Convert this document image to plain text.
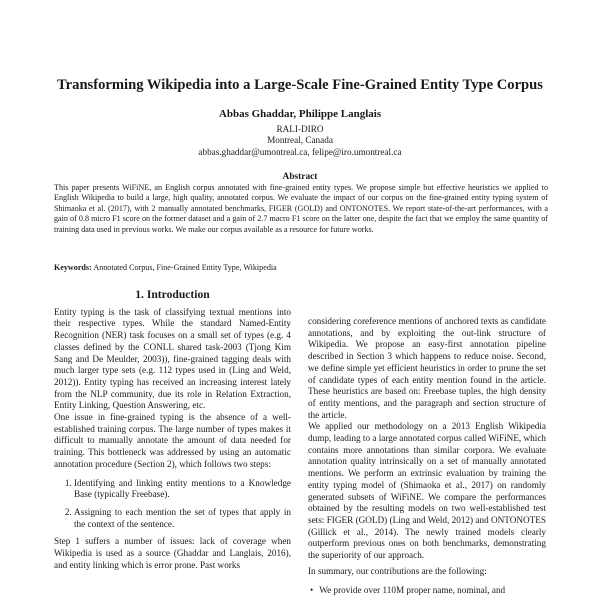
Transforming Wikipedia into a Large-Scale Fine-Grained Entity Type Corpus
Abbas Ghaddar, Philippe Langlais
RALI-DIRO
Montreal, Canada
abbas.ghaddar@umontreal.ca, felipe@iro.umontreal.ca
Abstract

This paper presents WiFiNE, an English corpus annotated with fine-grained entity types. We propose simple but effective heuristics we applied to English Wikipedia to build a large, high quality, annotated corpus. We evaluate the impact of our corpus on the fine-grained entity typing system of Shimaoka et al. (2017), with 2 manually annotated benchmarks, FIGER (GOLD) and ONTONOTES. We report state-of-the-art performances, with a gain of 0.8 micro F1 score on the former dataset and a gain of 2.7 macro F1 score on the latter one, despite the fact that we employ the same quantity of training data used in previous works. We make our corpus available as a resource for future works.

Keywords: Annotated Corpus, Fine-Grained Entity Type, Wikipedia

1. Introduction

Entity typing is the task of classifying textual mentions into their respective types. While the standard Named-Entity Recognition (NER) task focuses on a small set of types (e.g. 4 classes defined by the CONLL shared task-2003 (Tjong Kim Sang and De Meulder, 2003)), fine-grained tagging deals with much larger type sets (e.g. 112 types used in (Ling and Weld, 2012)). Entity typing has received an increasing interest lately from the NLP community, due its role in Relation Extraction, Entity Linking, Question Answering, etc.

One issue in fine-grained typing is the absence of a well-established training corpus. The large number of types makes it difficult to manually annotate the amount of data needed for training. This bottleneck was addressed by using an automatic annotation procedure (Section 2), which follows two steps:

1. Identifying and linking entity mentions to a Knowledge Base (typically Freebase).
2. Assigning to each mention the set of types that apply in the context of the sentence.

Step 1 suffers a number of issues: lack of coverage when Wikipedia is used as a source (Ghaddar and Langlais, 2016), and entity linking which is error prone. Past works

considering coreference mentions of anchored texts as candidate annotations, and by exploiting the out-link structure of Wikipedia. We propose an easy-first annotation pipeline described in Section 3 which happens to reduce noise. Second, we define simple yet efficient heuristics in order to prune the set of candidate types of each entity mention found in the article. These heuristics are based on: Freebase tuples, the high density of entity mentions, and the paragraph and section structure of the article.

We applied our methodology on a 2013 English Wikipedia dump, leading to a large annotated corpus called WiFiNE, which contains more annotations than similar corpora. We evaluate annotation quality intrinsically on a set of manually annotated mentions. We perform an extrinsic evaluation by training the entity typing model of (Shimaoka et al., 2017) on randomly generated subsets of WiFiNE. We compare the performances obtained by the resulting models on two well-established test sets: FIGER (GOLD) (Ling and Weld, 2012) and ONTONOTES (Gillick et al., 2014). The newly trained models clearly outperform previous ones on both benchmarks, demonstrating the superiority of our approach.

In summary, our contributions are the following:

• We provide over 110M proper name, nominal, and
